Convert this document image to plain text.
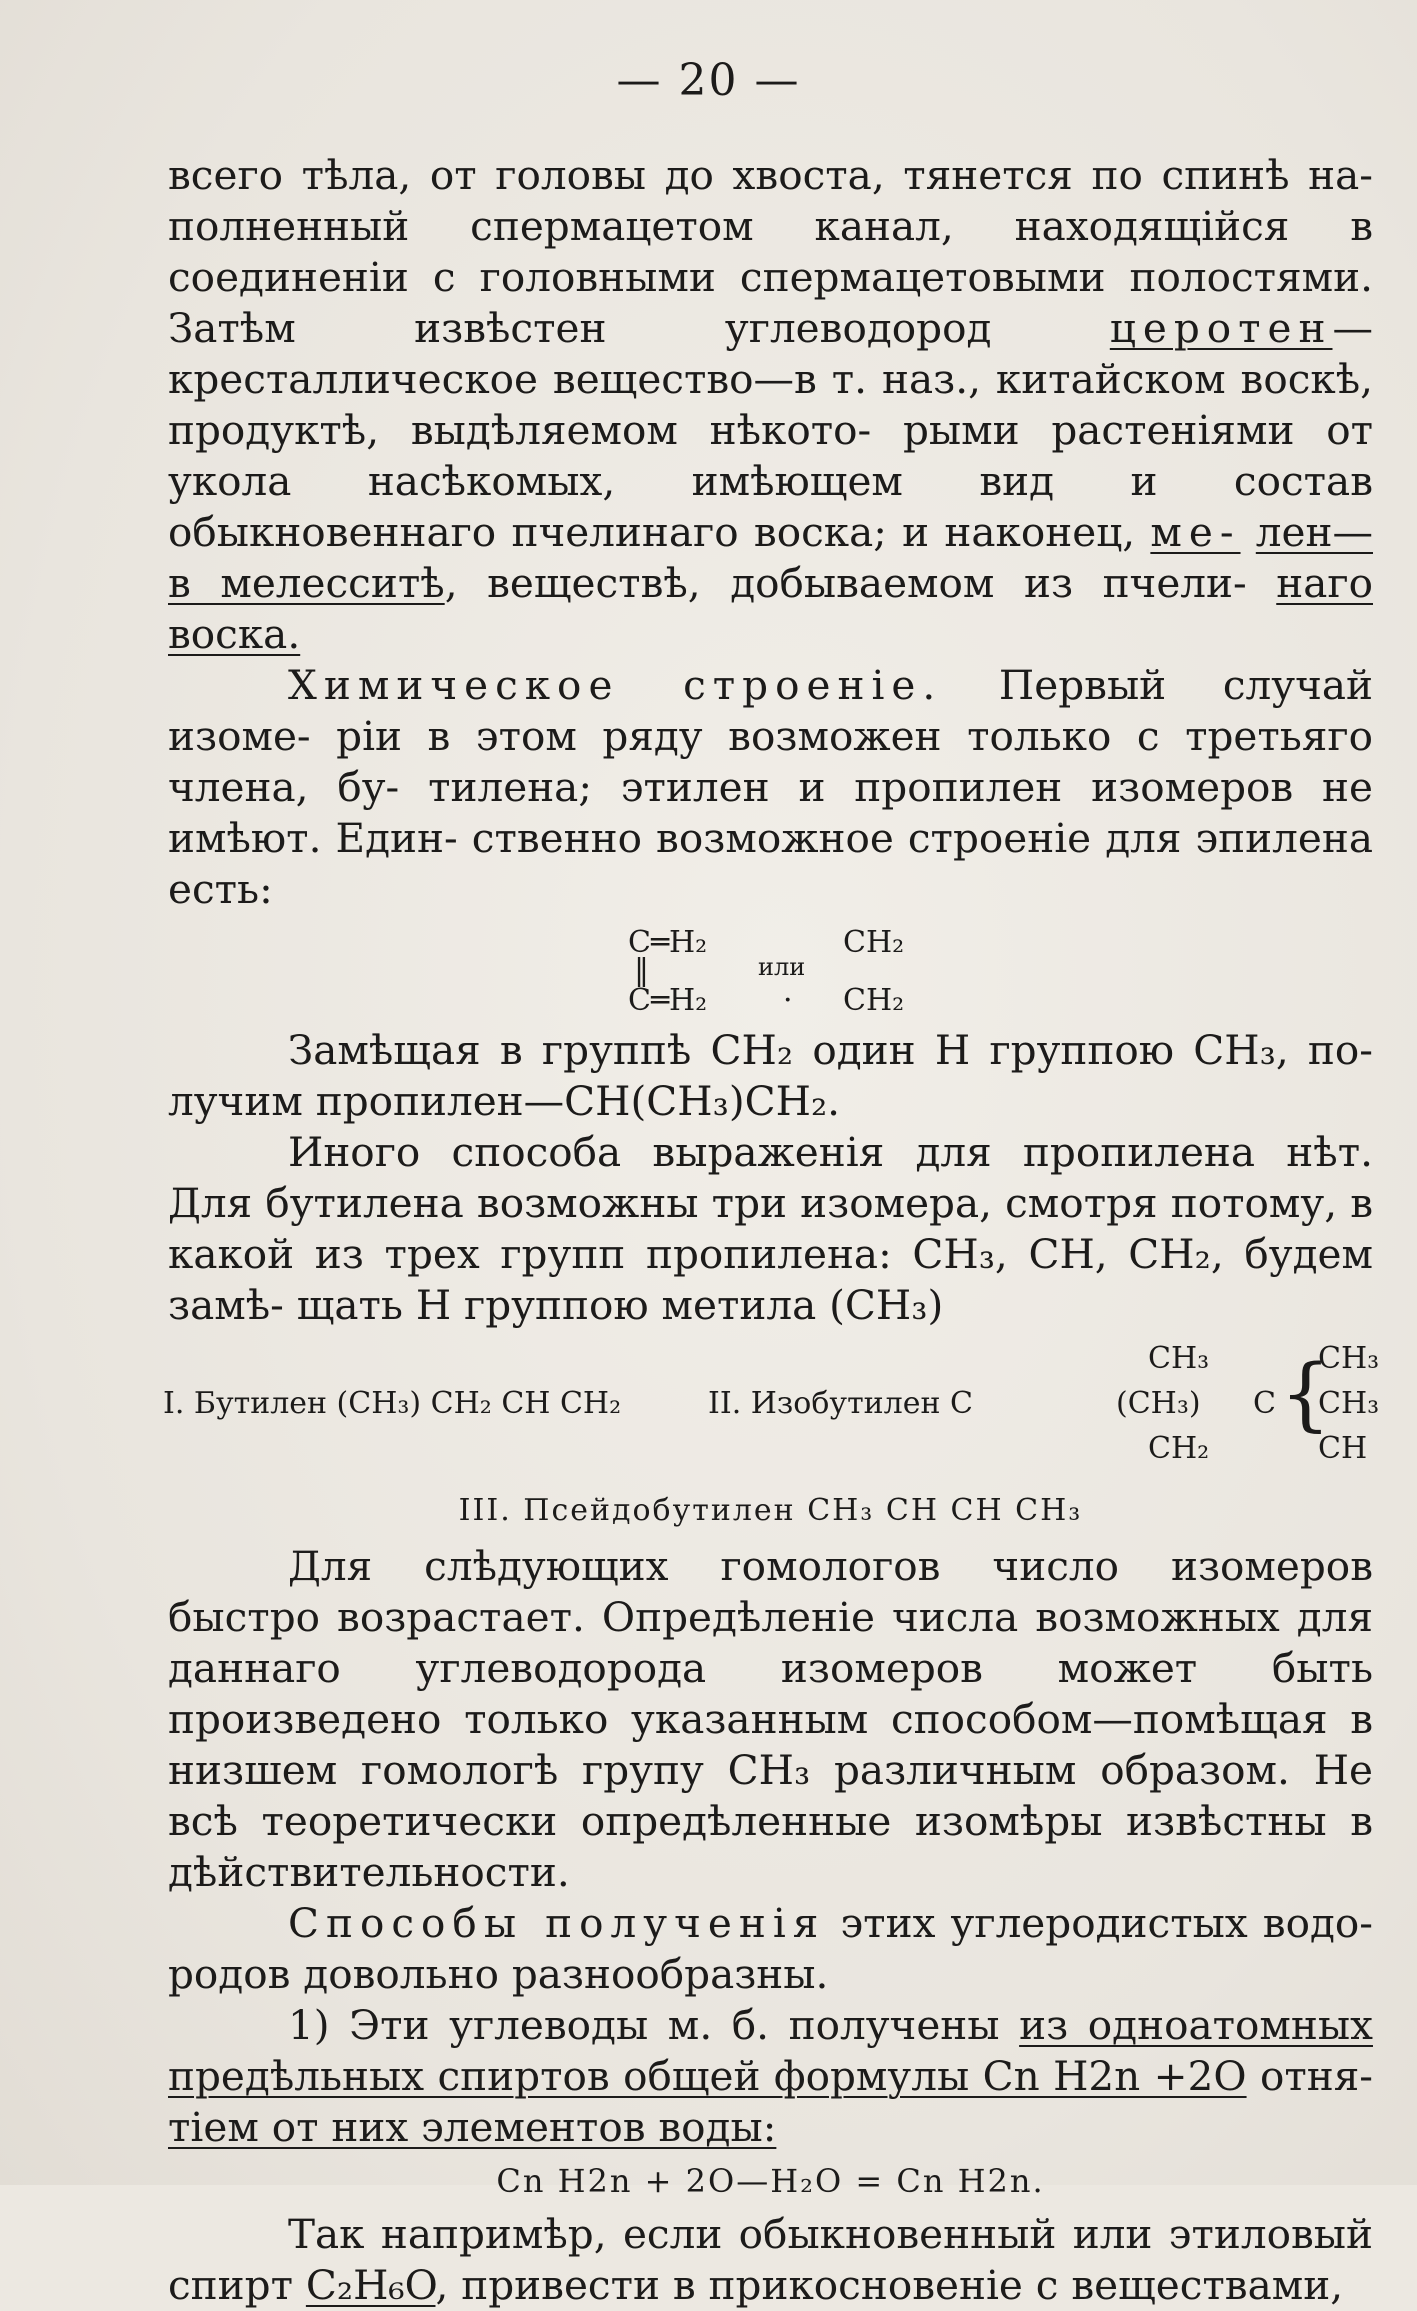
— 20 —

всего тѣла, от головы до хвоста, тянется по спинѣ на- полненный спермацетом канал, находящійся в соединеніи с головными спермацетовыми полостями. Затѣм извѣстен	углеводород церотен—кресталлическое вещество—в т. наз., китайском воскѣ, продуктѣ, выдѣляемом нѣкото- рыми растеніями от укола насѣкомых, имѣющем вид и состав обыкновеннаго пчелинаго воска; и наконец, ме- лен—в мелесситѣ, веществѣ, добываемом из пчели- наго воска.

Химическое строеніе. Первый случай изоме- ріи в этом ряду возможен только с третьяго члена, бу- тилена; этилен и пропилен изомеров не имѣют. Един- ственно возможное строеніе для эпилена есть:

C═H₂
‖
C═H₂
или
·
CH₂
CH₂

Замѣщая в группѣ CH₂ один H группою CH₃, по- лучим пропилен—CH(CH₃)CH₂.

Иного способа выраженія для пропилена нѣт. Для бутилена возможны три изомера, смотря потому, в какой из трех групп пропилена: CH₃, CH, CH₂, будем замѣ- щать H группою метила (CH₃)

I. Бутилен (CH₃) CH₂ CH CH₂	II. Изобутилен C
CH₃
(CH₃)
CH₂
C {
CH₃
CH₃
CH
III. Псейдобутилен CH₃ CH CH CH₃

Для слѣдующих гомологов число изомеров быстро возрастает. Опредѣленіе числа возможных для даннаго углеводорода изомеров может быть произведено только указанным способом—помѣщая в низшем гомологѣ групу CH₃ различным образом. Не всѣ теоретически опредѣленные изомѣры извѣстны в дѣйствительности.

Способы полученія этих углеродистых водо- родов довольно разнообразны.

1) Эти углеводы м. б. получены из одноатомных предѣльных спиртов общей формулы Cn H2n +2O отня- тіем от них элементов воды:

Cn H2n + 2O—H₂O = Cn H2n.

Так напримѣр, если обыкновенный или этиловый спирт C₂H₆O, привести в прикосновеніе с веществами,
